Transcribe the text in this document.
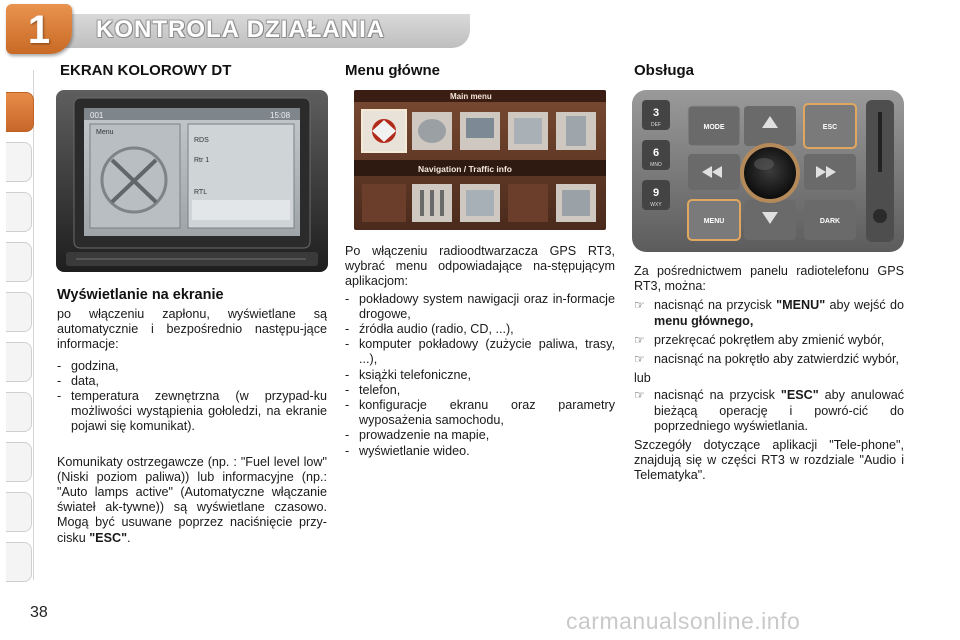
1	KONTROLA DZIAŁANIA
EKRAN KOLOROWY DT
001	15:08
Menu
RDS
Rtr 1
RTL
Wyświetlanie na ekranie

po włączeniu zapłonu, wyświetlane są automatycznie i bezpośrednio następu-jące informacje:

- godzina,
- data,
- temperatura zewnętrzna (w przypad-ku możliwości wystąpienia gołoledzi, na ekranie pojawi się komunikat).

Komunikaty ostrzegawcze (np. : "Fuel level low" (Niski poziom paliwa)) lub informacyjne (np.: "Auto lamps active" (Automatyczne włączanie świateł ak-tywne)) są wyświetlane czasowo. Mogą być usuwane poprzez naciśnięcie przy-cisku "ESC".

Menu główne
Main menu
Navigation / Traffic info

Po włączeniu radioodtwarzacza GPS RT3, wybrać menu odpowiadające na-stępującym aplikacjom:

- pokładowy system nawigacji oraz in-formacje drogowe,
- źródła audio (radio, CD, ...),
- komputer pokładowy (zużycie paliwa, trasy, ...),
- książki telefoniczne,
- telefon,
- konfiguracje ekranu oraz parametry wyposażenia samochodu,
- prowadzenie na mapie,
- wyświetlanie wideo.
Obsługa
3
DEF
6
MNO
9
WXY
MODE	ESC
MENU	DARK

Za pośrednictwem panelu radiotelefonu GPS RT3, można:

☞ nacisnąć na przycisk "MENU" aby wejść do menu głównego,
☞ przekręcać pokrętłem aby zmienić wybór,
☞ nacisnąć na pokrętło aby zatwierdzić wybór,

lub

☞ nacisnąć na przycisk "ESC" aby anulować bieżącą operację i powró-cić do poprzedniego wyświetlania.

Szczegóły dotyczące aplikacji "Tele-phone", znajdują się w części RT3 w rozdziale "Audio i Telematyka".

38	carmanualsonline.info
